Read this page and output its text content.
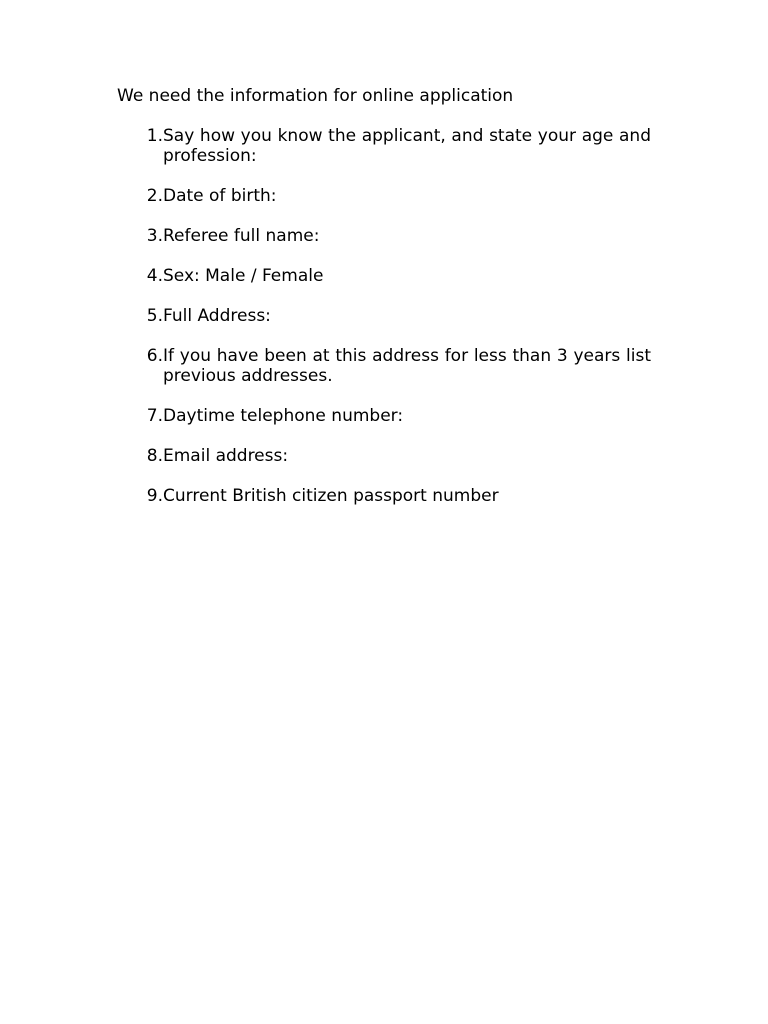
We need the information for online application

1. Say how you know the applicant, and state your age and profession:
2. Date of birth:
3. Referee full name:
4. Sex: Male / Female
5. Full Address:
6. If you have been at this address for less than 3 years list previous addresses.
7. Daytime telephone number:
8. Email address:
9. Current British citizen passport number
